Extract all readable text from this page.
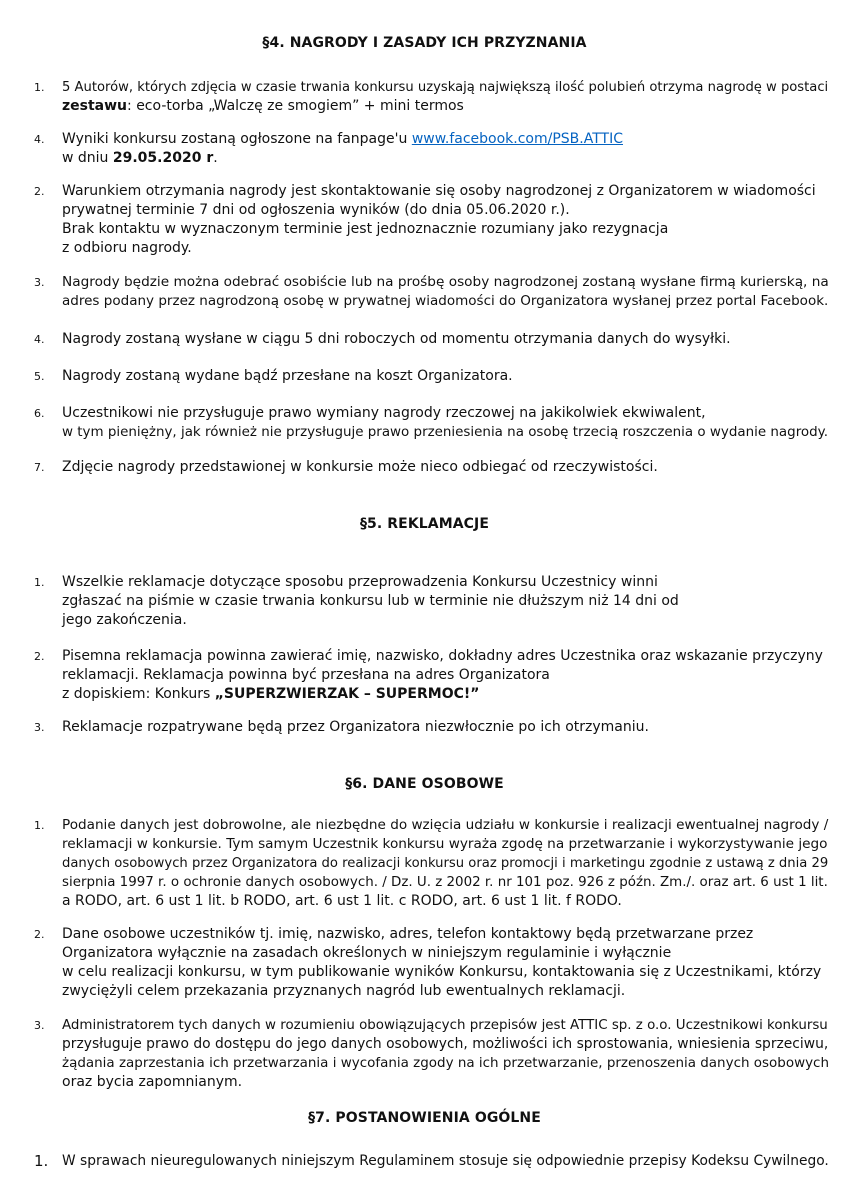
§4. NAGRODY I ZASADY ICH PRZYZNANIA
1. 5 Autorów, których zdjęcia w czasie trwania konkursu uzyskają największą ilość polubień otrzyma nagrodę w postaci
zestawu: eco-torba „Walczę ze smogiem” + mini termos
4. Wyniki konkursu zostaną ogłoszone na fanpage'u www.facebook.com/PSB.ATTIC
w dniu 29.05.2020 r.
2. Warunkiem otrzymania nagrody jest skontaktowanie się osoby nagrodzonej z Organizatorem w wiadomości
prywatnej terminie 7 dni od ogłoszenia wyników (do dnia 05.06.2020 r.).
Brak kontaktu w wyznaczonym terminie jest jednoznacznie rozumiany jako rezygnacja
z odbioru nagrody.
3. Nagrody będzie można odebrać osobiście lub na prośbę osoby nagrodzonej zostaną wysłane firmą kurierską, na
adres podany przez nagrodzoną osobę w prywatnej wiadomości do Organizatora wysłanej przez portal Facebook.
4. Nagrody zostaną wysłane w ciągu 5 dni roboczych od momentu otrzymania danych do wysyłki.
5. Nagrody zostaną wydane bądź przesłane na koszt Organizatora.
6. Uczestnikowi nie przysługuje prawo wymiany nagrody rzeczowej na jakikolwiek ekwiwalent,
w tym pieniężny, jak również nie przysługuje prawo przeniesienia na osobę trzecią roszczenia o wydanie nagrody.
7. Zdjęcie nagrody przedstawionej w konkursie może nieco odbiegać od rzeczywistości.
§5. REKLAMACJE
1. Wszelkie reklamacje dotyczące sposobu przeprowadzenia Konkursu Uczestnicy winni
zgłaszać na piśmie w czasie trwania konkursu lub w terminie nie dłuższym niż 14 dni od
jego zakończenia.
2. Pisemna reklamacja powinna zawierać imię, nazwisko, dokładny adres Uczestnika oraz wskazanie przyczyny
reklamacji. Reklamacja powinna być przesłana na adres Organizatora
z dopiskiem: Konkurs „SUPERZWIERZAK – SUPERMOC!”
3. Reklamacje rozpatrywane będą przez Organizatora niezwłocznie po ich otrzymaniu.
§6. DANE OSOBOWE
1. Podanie danych jest dobrowolne, ale niezbędne do wzięcia udziału w konkursie i realizacji ewentualnej nagrody /
reklamacji w konkursie. Tym samym Uczestnik konkursu wyraża zgodę na przetwarzanie i wykorzystywanie jego
danych osobowych przez Organizatora do realizacji konkursu oraz promocji i marketingu zgodnie z ustawą z dnia 29
sierpnia 1997 r. o ochronie danych osobowych. / Dz. U. z 2002 r. nr 101 poz. 926 z późn. Zm./. oraz art. 6 ust 1 lit.
a RODO, art. 6 ust 1 lit. b RODO, art. 6 ust 1 lit. c RODO, art. 6 ust 1 lit. f RODO.
2. Dane osobowe uczestników tj. imię, nazwisko, adres, telefon kontaktowy będą przetwarzane przez
Organizatora wyłącznie na zasadach określonych w niniejszym regulaminie i wyłącznie
w celu realizacji konkursu, w tym publikowanie wyników Konkursu, kontaktowania się z Uczestnikami, którzy
zwyciężyli celem przekazania przyznanych nagród lub ewentualnych reklamacji.
3. Administratorem tych danych w rozumieniu obowiązujących przepisów jest ATTIC sp. z o.o. Uczestnikowi konkursu
przysługuje prawo do dostępu do jego danych osobowych, możliwości ich sprostowania, wniesienia sprzeciwu,
żądania zaprzestania ich przetwarzania i wycofania zgody na ich przetwarzanie, przenoszenia danych osobowych
oraz bycia zapomnianym.
§7. POSTANOWIENIA OGÓLNE
1. W sprawach nieuregulowanych niniejszym Regulaminem stosuje się odpowiednie przepisy Kodeksu Cywilnego.
